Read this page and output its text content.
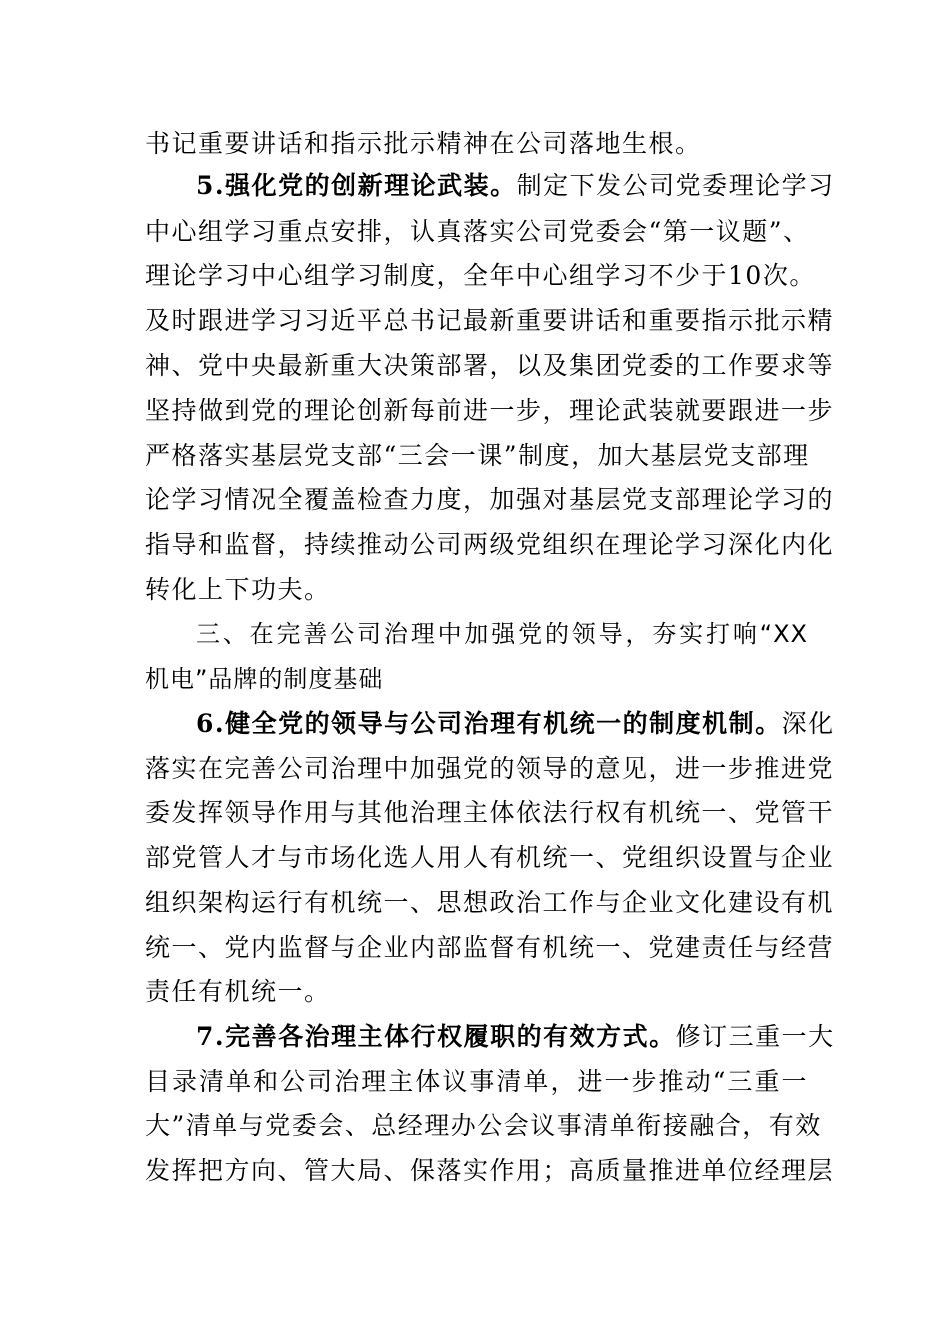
书记重要讲话和指示批示精神在公司落地生根。
5.强化党的创新理论武装。制定下发公司党委理论学习
中心组学习重点安排，认真落实公司党委会“第一议题”、
理论学习中心组学习制度，全年中心组学习不少于10次。
及时跟进学习习近平总书记最新重要讲话和重要指示批示精
神、党中央最新重大决策部署，以及集团党委的工作要求等
坚持做到党的理论创新每前进一步，理论武装就要跟进一步
严格落实基层党支部“三会一课”制度，加大基层党支部理
论学习情况全覆盖检查力度，加强对基层党支部理论学习的
指导和监督，持续推动公司两级党组织在理论学习深化内化
转化上下功夫。
三、在完善公司治理中加强党的领导，夯实打响“XX
机电”品牌的制度基础
6.健全党的领导与公司治理有机统一的制度机制。深化
落实在完善公司治理中加强党的领导的意见，进一步推进党
委发挥领导作用与其他治理主体依法行权有机统一、党管干
部党管人才与市场化选人用人有机统一、党组织设置与企业
组织架构运行有机统一、思想政治工作与企业文化建设有机
统一、党内监督与企业内部监督有机统一、党建责任与经营
责任有机统一。
7.完善各治理主体行权履职的有效方式。修订三重一大
目录清单和公司治理主体议事清单，进一步推动“三重一
大”清单与党委会、总经理办公会议事清单衔接融合，有效
发挥把方向、管大局、保落实作用；高质量推进单位经理层
